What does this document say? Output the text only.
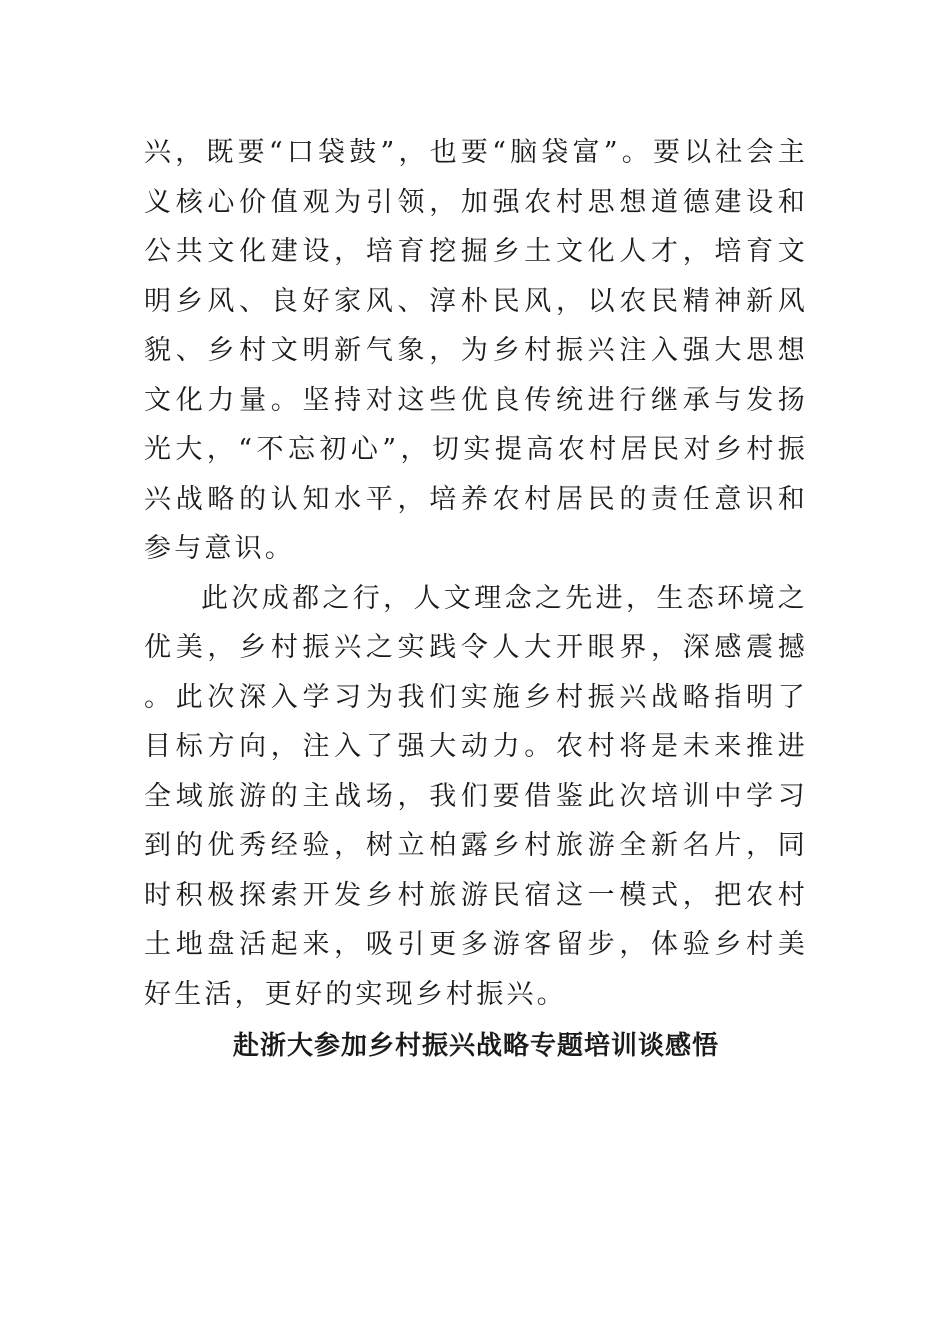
兴，既要“口袋鼓”，也要“脑袋富”。要以社会主义核心价值观为引领，加强农村思想道德建设和公共文化建设，培育挖掘乡土文化人才，培育文明乡风、良好家风、淳朴民风，以农民精神新风貌、乡村文明新气象，为乡村振兴注入强大思想文化力量。坚持对这些优良传统进行继承与发扬光大，“不忘初心”，切实提高农村居民对乡村振兴战略的认知水平，培养农村居民的责任意识和参与意识。

此次成都之行，人文理念之先进，生态环境之优美，乡村振兴之实践令人大开眼界，深感震撼。此次深入学习为我们实施乡村振兴战略指明了目标方向，注入了强大动力。农村将是未来推进全域旅游的主战场，我们要借鉴此次培训中学习到的优秀经验，树立柏露乡村旅游全新名片，同时积极探索开发乡村旅游民宿这一模式，把农村土地盘活起来，吸引更多游客留步，体验乡村美好生活，更好的实现乡村振兴。

赴浙大参加乡村振兴战略专题培训谈感悟
